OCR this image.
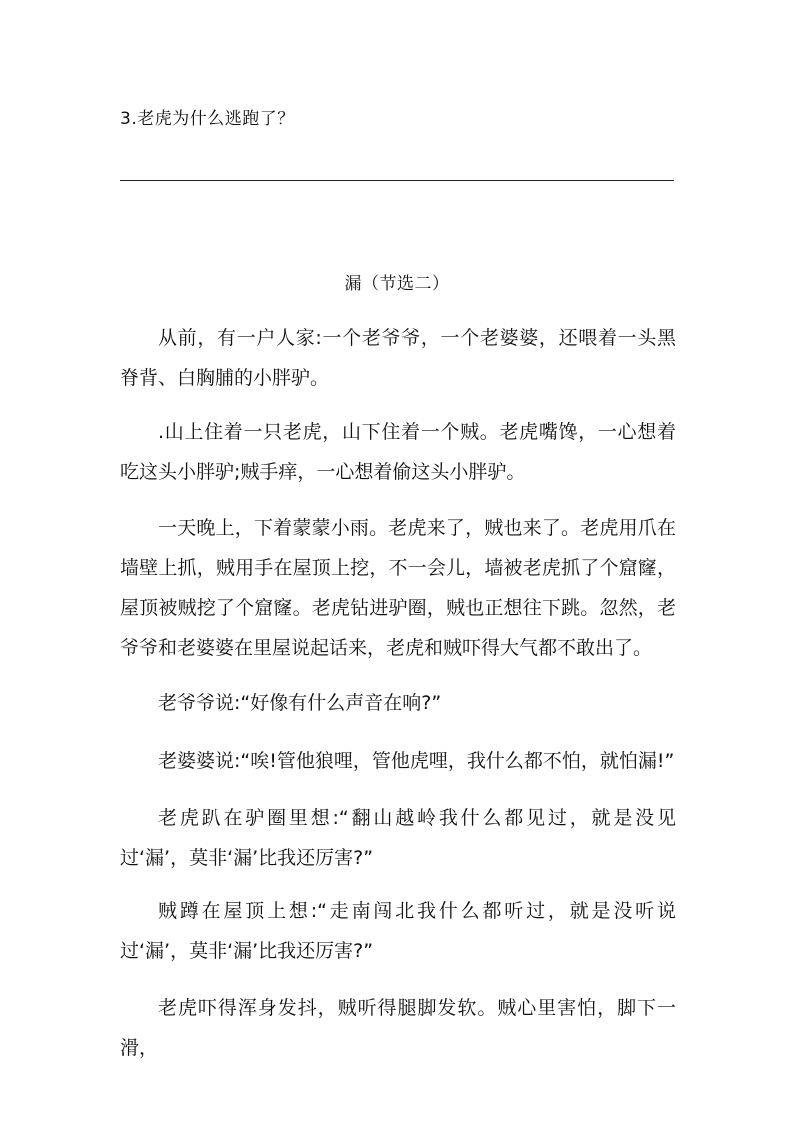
3.老虎为什么逃跑了？
漏（节选二）

从前，有一户人家:一个老爷爷，一个老婆婆，还喂着一头黑脊背、白胸脯的小胖驴。

.山上住着一只老虎，山下住着一个贼。老虎嘴馋，一心想着吃这头小胖驴;贼手痒，一心想着偷这头小胖驴。

一天晚上，下着蒙蒙小雨。老虎来了，贼也来了。老虎用爪在墙壁上抓，贼用手在屋顶上挖，不一会儿，墙被老虎抓了个窟窿，屋顶被贼挖了个窟窿。老虎钻进驴圈，贼也正想往下跳。忽然，老爷爷和老婆婆在里屋说起话来，老虎和贼吓得大气都不敢出了。

老爷爷说:“好像有什么声音在响?”

老婆婆说:“唉!管他狼哩，管他虎哩，我什么都不怕，就怕漏!”

老虎趴在驴圈里想:“翻山越岭我什么都见过，就是没见过‘漏’，莫非‘漏’比我还厉害?”

贼蹲在屋顶上想:“走南闯北我什么都听过，就是没听说过‘漏’，莫非‘漏’比我还厉害?”

老虎吓得浑身发抖，贼听得腿脚发软。贼心里害怕，脚下一滑，
